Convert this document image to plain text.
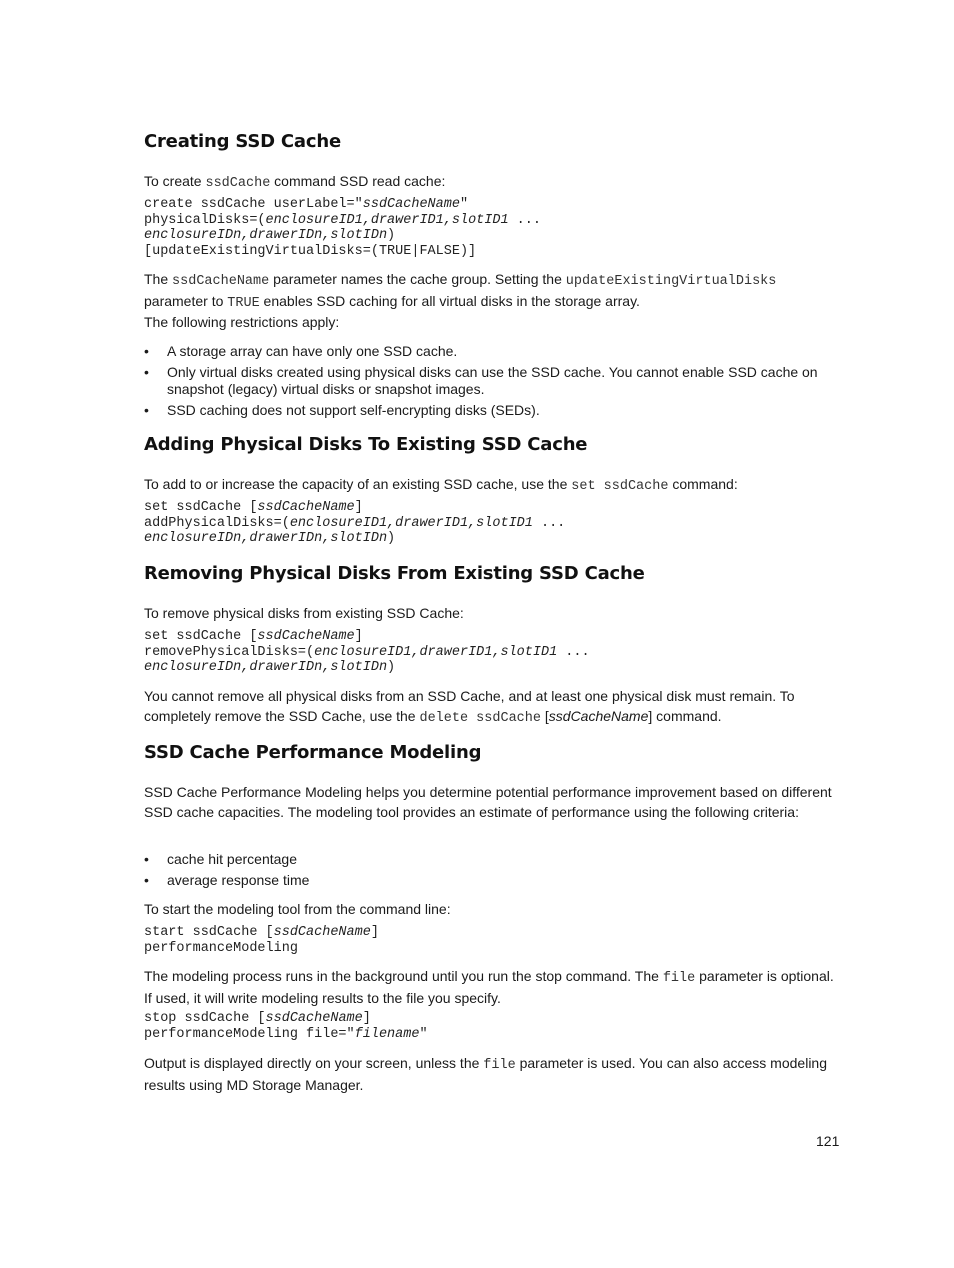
Creating SSD Cache

To create ssdCache command SSD read cache:

create ssdCache userLabel="ssdCacheName"
physicalDisks=(enclosureID1,drawerID1,slotID1 ...
enclosureIDn,drawerIDn,slotIDn)
[updateExistingVirtualDisks=(TRUE|FALSE)]

The ssdCacheName parameter names the cache group. Setting the updateExistingVirtualDisks
parameter to TRUE enables SSD caching for all virtual disks in the storage array.

The following restrictions apply:

• A storage array can have only one SSD cache.
• Only virtual disks created using physical disks can use the SSD cache. You cannot enable SSD cache on snapshot (legacy) virtual disks or snapshot images.
• SSD caching does not support self-encrypting disks (SEDs).
Adding Physical Disks To Existing SSD Cache

To add to or increase the capacity of an existing SSD cache, use the set ssdCache command:

set ssdCache [ssdCacheName]
addPhysicalDisks=(enclosureID1,drawerID1,slotID1 ...
enclosureIDn,drawerIDn,slotIDn)
Removing Physical Disks From Existing SSD Cache

To remove physical disks from existing SSD Cache:

set ssdCache [ssdCacheName]
removePhysicalDisks=(enclosureID1,drawerID1,slotID1 ...
enclosureIDn,drawerIDn,slotIDn)

You cannot remove all physical disks from an SSD Cache, and at least one physical disk must remain. To completely remove the SSD Cache, use the delete ssdCache [ssdCacheName] command.

SSD Cache Performance Modeling

SSD Cache Performance Modeling helps you determine potential performance improvement based on different SSD cache capacities. The modeling tool provides an estimate of performance using the following criteria:

• cache hit percentage
• average response time

To start the modeling tool from the command line:

start ssdCache [ssdCacheName]
performanceModeling

The modeling process runs in the background until you run the stop command. The file parameter is optional. If used, it will write modeling results to the file you specify.

stop ssdCache [ssdCacheName]
performanceModeling file="filename"

Output is displayed directly on your screen, unless the file parameter is used. You can also access modeling results using MD Storage Manager.

121
